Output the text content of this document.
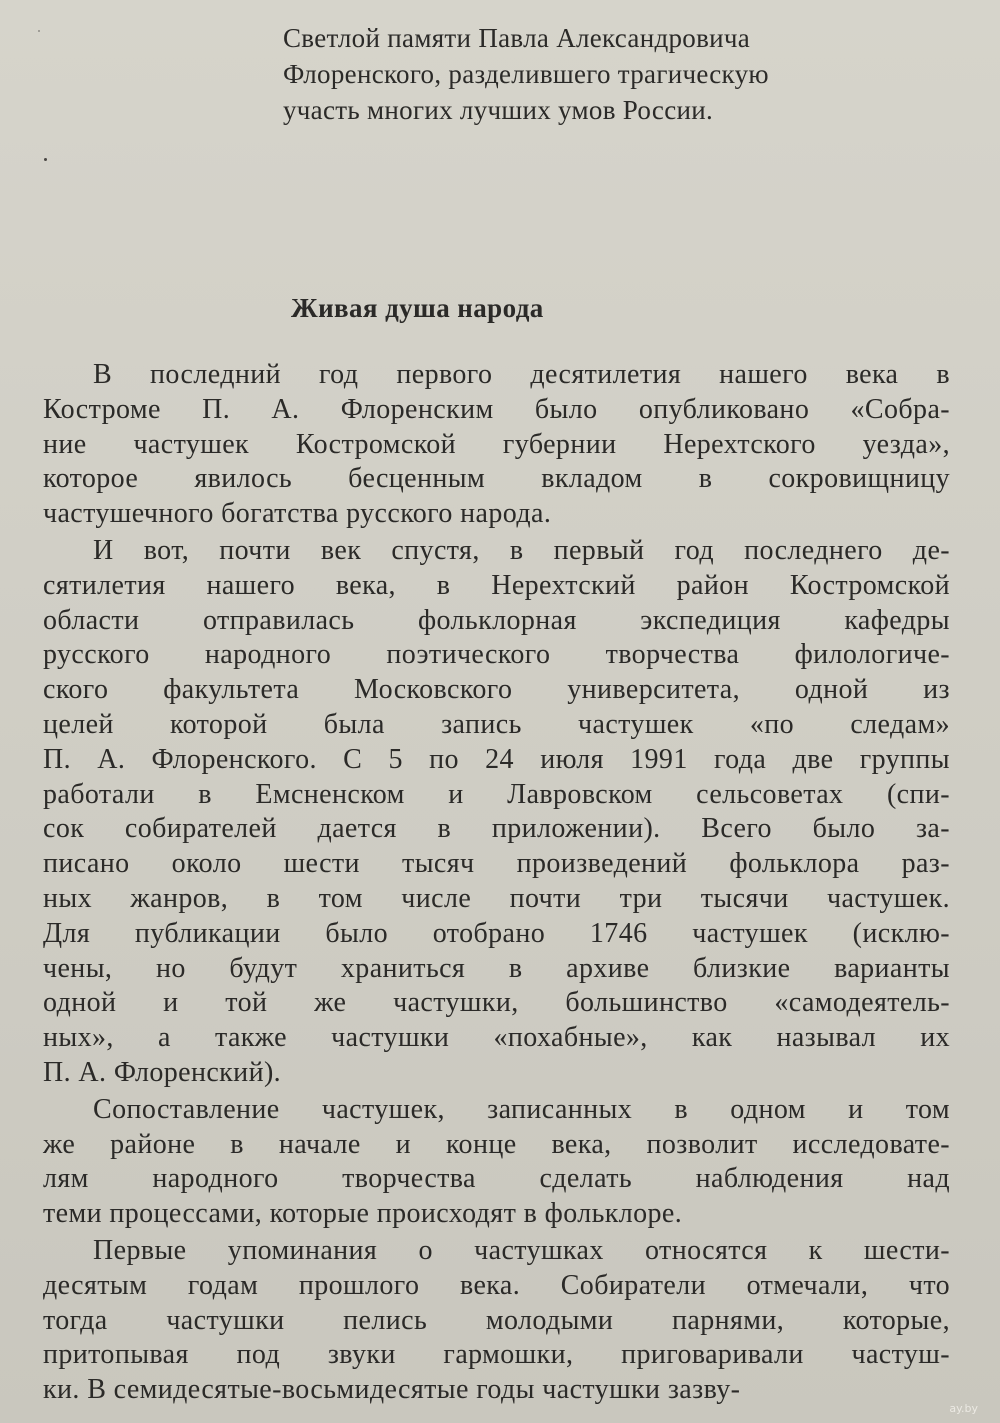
Светлой памяти Павла Александровича
Флоренского, разделившего трагическую
участь многих лучших умов России.
Живая душа народа
В последний год первого десятилетия нашего века в
Костроме П. А. Флоренским было опубликовано «Собра-
ние частушек Костромской губернии Нерехтского уезда»,
которое явилось бесценным вкладом в сокровищницу
частушечного богатства русского народа.
И вот, почти век спустя, в первый год последнего де-
сятилетия нашего века, в Нерехтский район Костромской
области отправилась фольклорная экспедиция кафедры
русского народного поэтического творчества филологиче-
ского факультета Московского университета, одной из
целей которой была запись частушек «по следам»
П. А. Флоренского. С 5 по 24 июля 1991 года две группы
работали в Емсненском и Лавровском сельсоветах (спи-
сок собирателей дается в приложении). Всего было за-
писано около шести тысяч произведений фольклора раз-
ных жанров, в том числе почти три тысячи частушек.
Для публикации было отобрано 1746 частушек (исклю-
чены, но будут храниться в архиве близкие варианты
одной и той же частушки, большинство «самодеятель-
ных», а также частушки «похабные», как называл их
П. А. Флоренский).
Сопоставление частушек, записанных в одном и том
же районе в начале и конце века, позволит исследовате-
лям народного творчества сделать наблюдения над
теми процессами, которые происходят в фольклоре.
Первые упоминания о частушках относятся к шести-
десятым годам прошлого века. Собиратели отмечали, что
тогда частушки пелись молодыми парнями, которые,
притопывая под звуки гармошки, приговаривали частуш-
ки. В семидесятые-восьмидесятые годы частушки зазву-
ay.by
